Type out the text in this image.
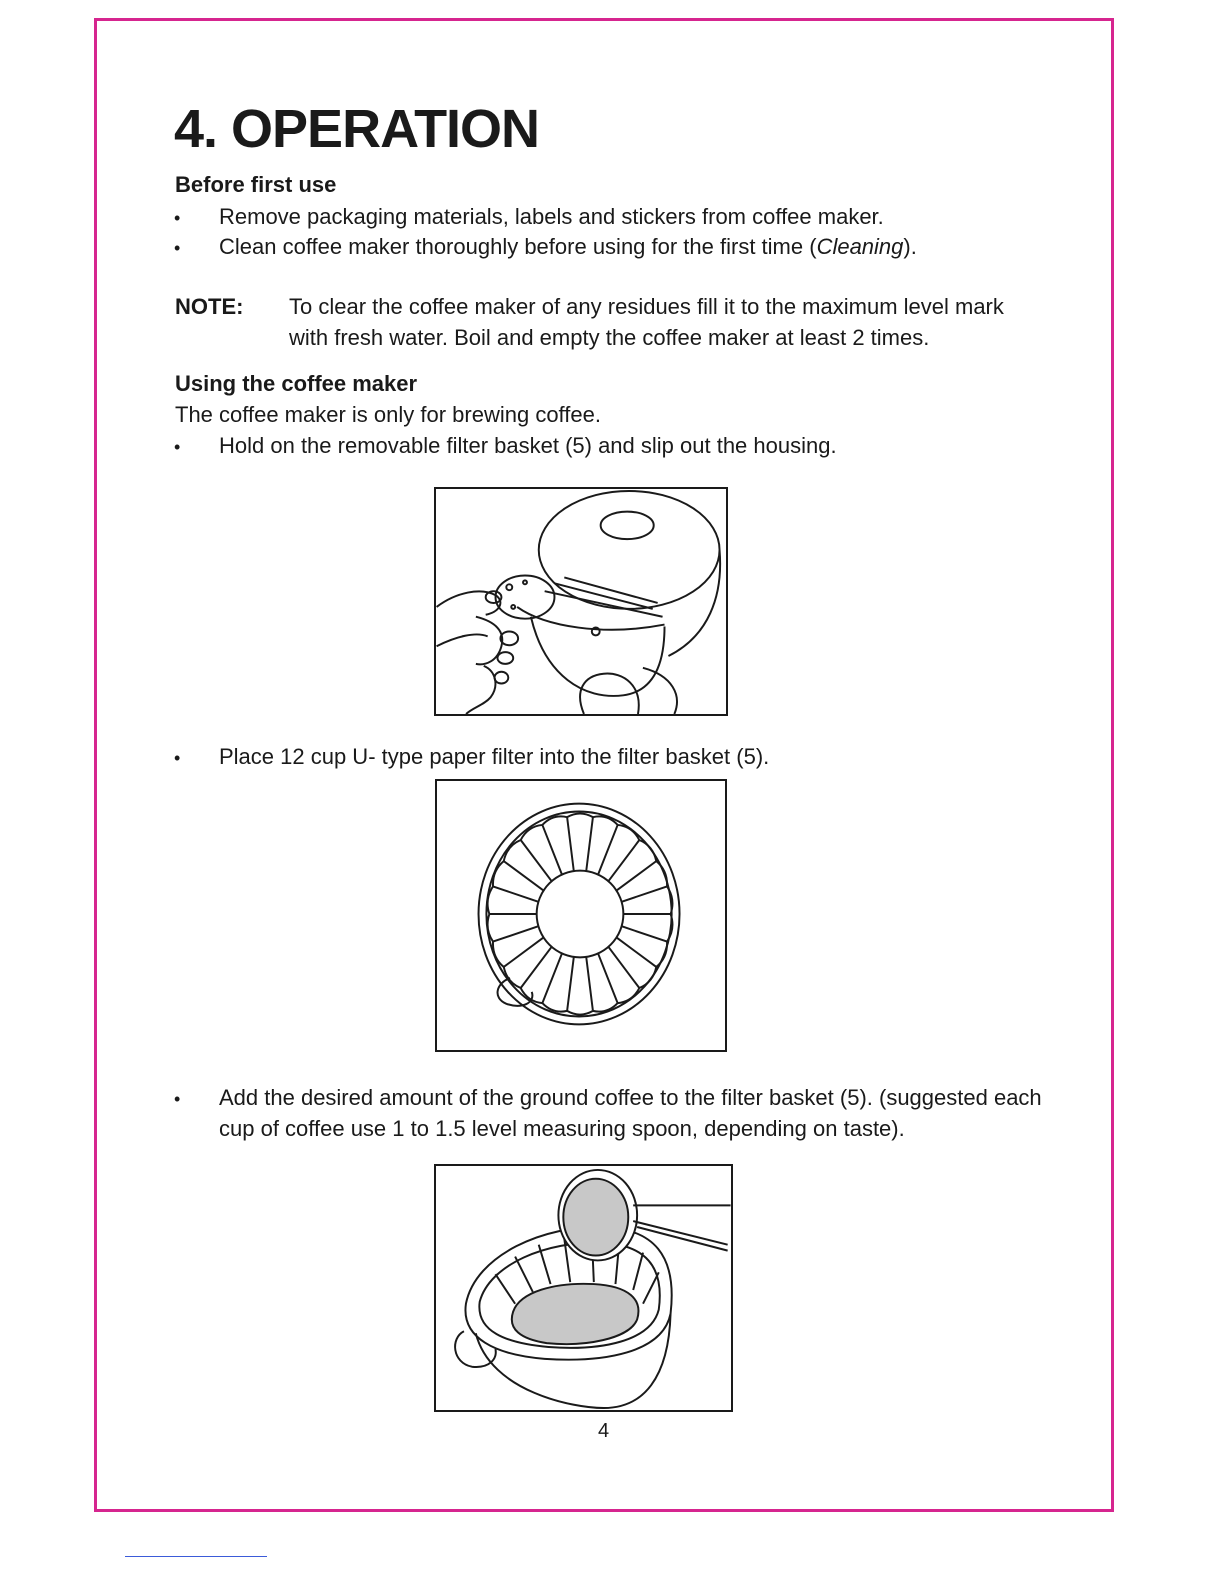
4. OPERATION
Before first use
• Remove packaging materials, labels and stickers from coffee maker.
• Clean coffee maker thoroughly before using for the first time (Cleaning).
NOTE: To clear the coffee maker of any residues fill it to the maximum level mark
with fresh water. Boil and empty the coffee maker at least 2 times.
Using the coffee maker
The coffee maker is only for brewing coffee.
• Hold on the removable filter basket (5) and slip out the housing.
• Place 12 cup U- type paper filter into the filter basket (5).
• Add the desired amount of the ground coffee to the filter basket (5). (suggested each
cup of coffee use 1 to 1.5 level measuring spoon, depending on taste).
4
